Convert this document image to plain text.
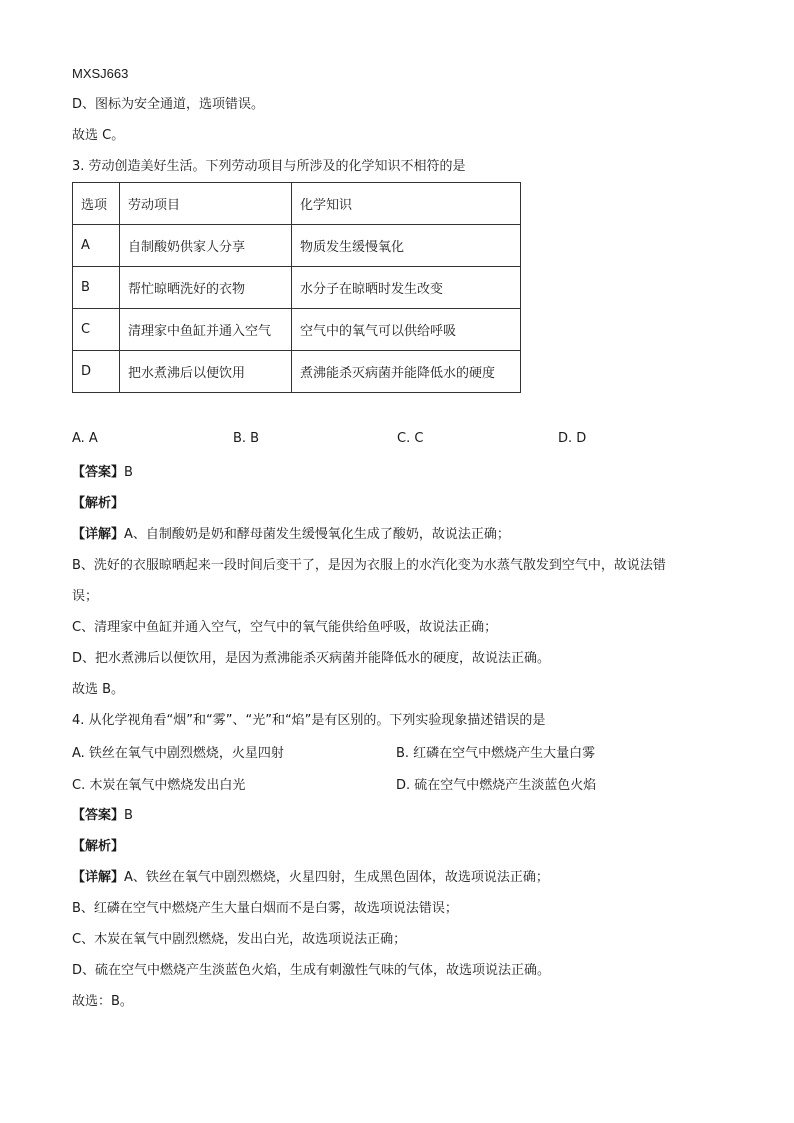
MXSJ663

D、图标为安全通道，选项错误。

故选 C。

3. 劳动创造美好生活。下列劳动项目与所涉及的化学知识不相符的是

选项	劳动项目	化学知识
A	自制酸奶供家人分享	物质发生缓慢氧化
B	帮忙晾晒洗好的衣物	水分子在晾晒时发生改变
C	清理家中鱼缸并通入空气	空气中的氧气可以供给呼吸
D	把水煮沸后以便饮用	煮沸能杀灭病菌并能降低水的硬度
A. A	B. B	C. C	D. D

【答案】B

【解析】

【详解】A、自制酸奶是奶和酵母菌发生缓慢氧化生成了酸奶，故说法正确；

B、洗好的衣服晾晒起来一段时间后变干了，是因为衣服上的水汽化变为水蒸气散发到空气中，故说法错

误；

C、清理家中鱼缸并通入空气，空气中的氧气能供给鱼呼吸，故说法正确；

D、把水煮沸后以便饮用，是因为煮沸能杀灭病菌并能降低水的硬度，故说法正确。

故选 B。

4. 从化学视角看“烟”和“雾”、“光”和“焰”是有区别的。下列实验现象描述错误的是

A. 铁丝在氧气中剧烈燃烧，火星四射	B. 红磷在空气中燃烧产生大量白雾
C. 木炭在氧气中燃烧发出白光	D. 硫在空气中燃烧产生淡蓝色火焰

【答案】B

【解析】

【详解】A、铁丝在氧气中剧烈燃烧，火星四射，生成黑色固体，故选项说法正确；

B、红磷在空气中燃烧产生大量白烟而不是白雾，故选项说法错误；

C、木炭在氧气中剧烈燃烧，发出白光，故选项说法正确；

D、硫在空气中燃烧产生淡蓝色火焰，生成有刺激性气味的气体，故选项说法正确。

故选：B。
